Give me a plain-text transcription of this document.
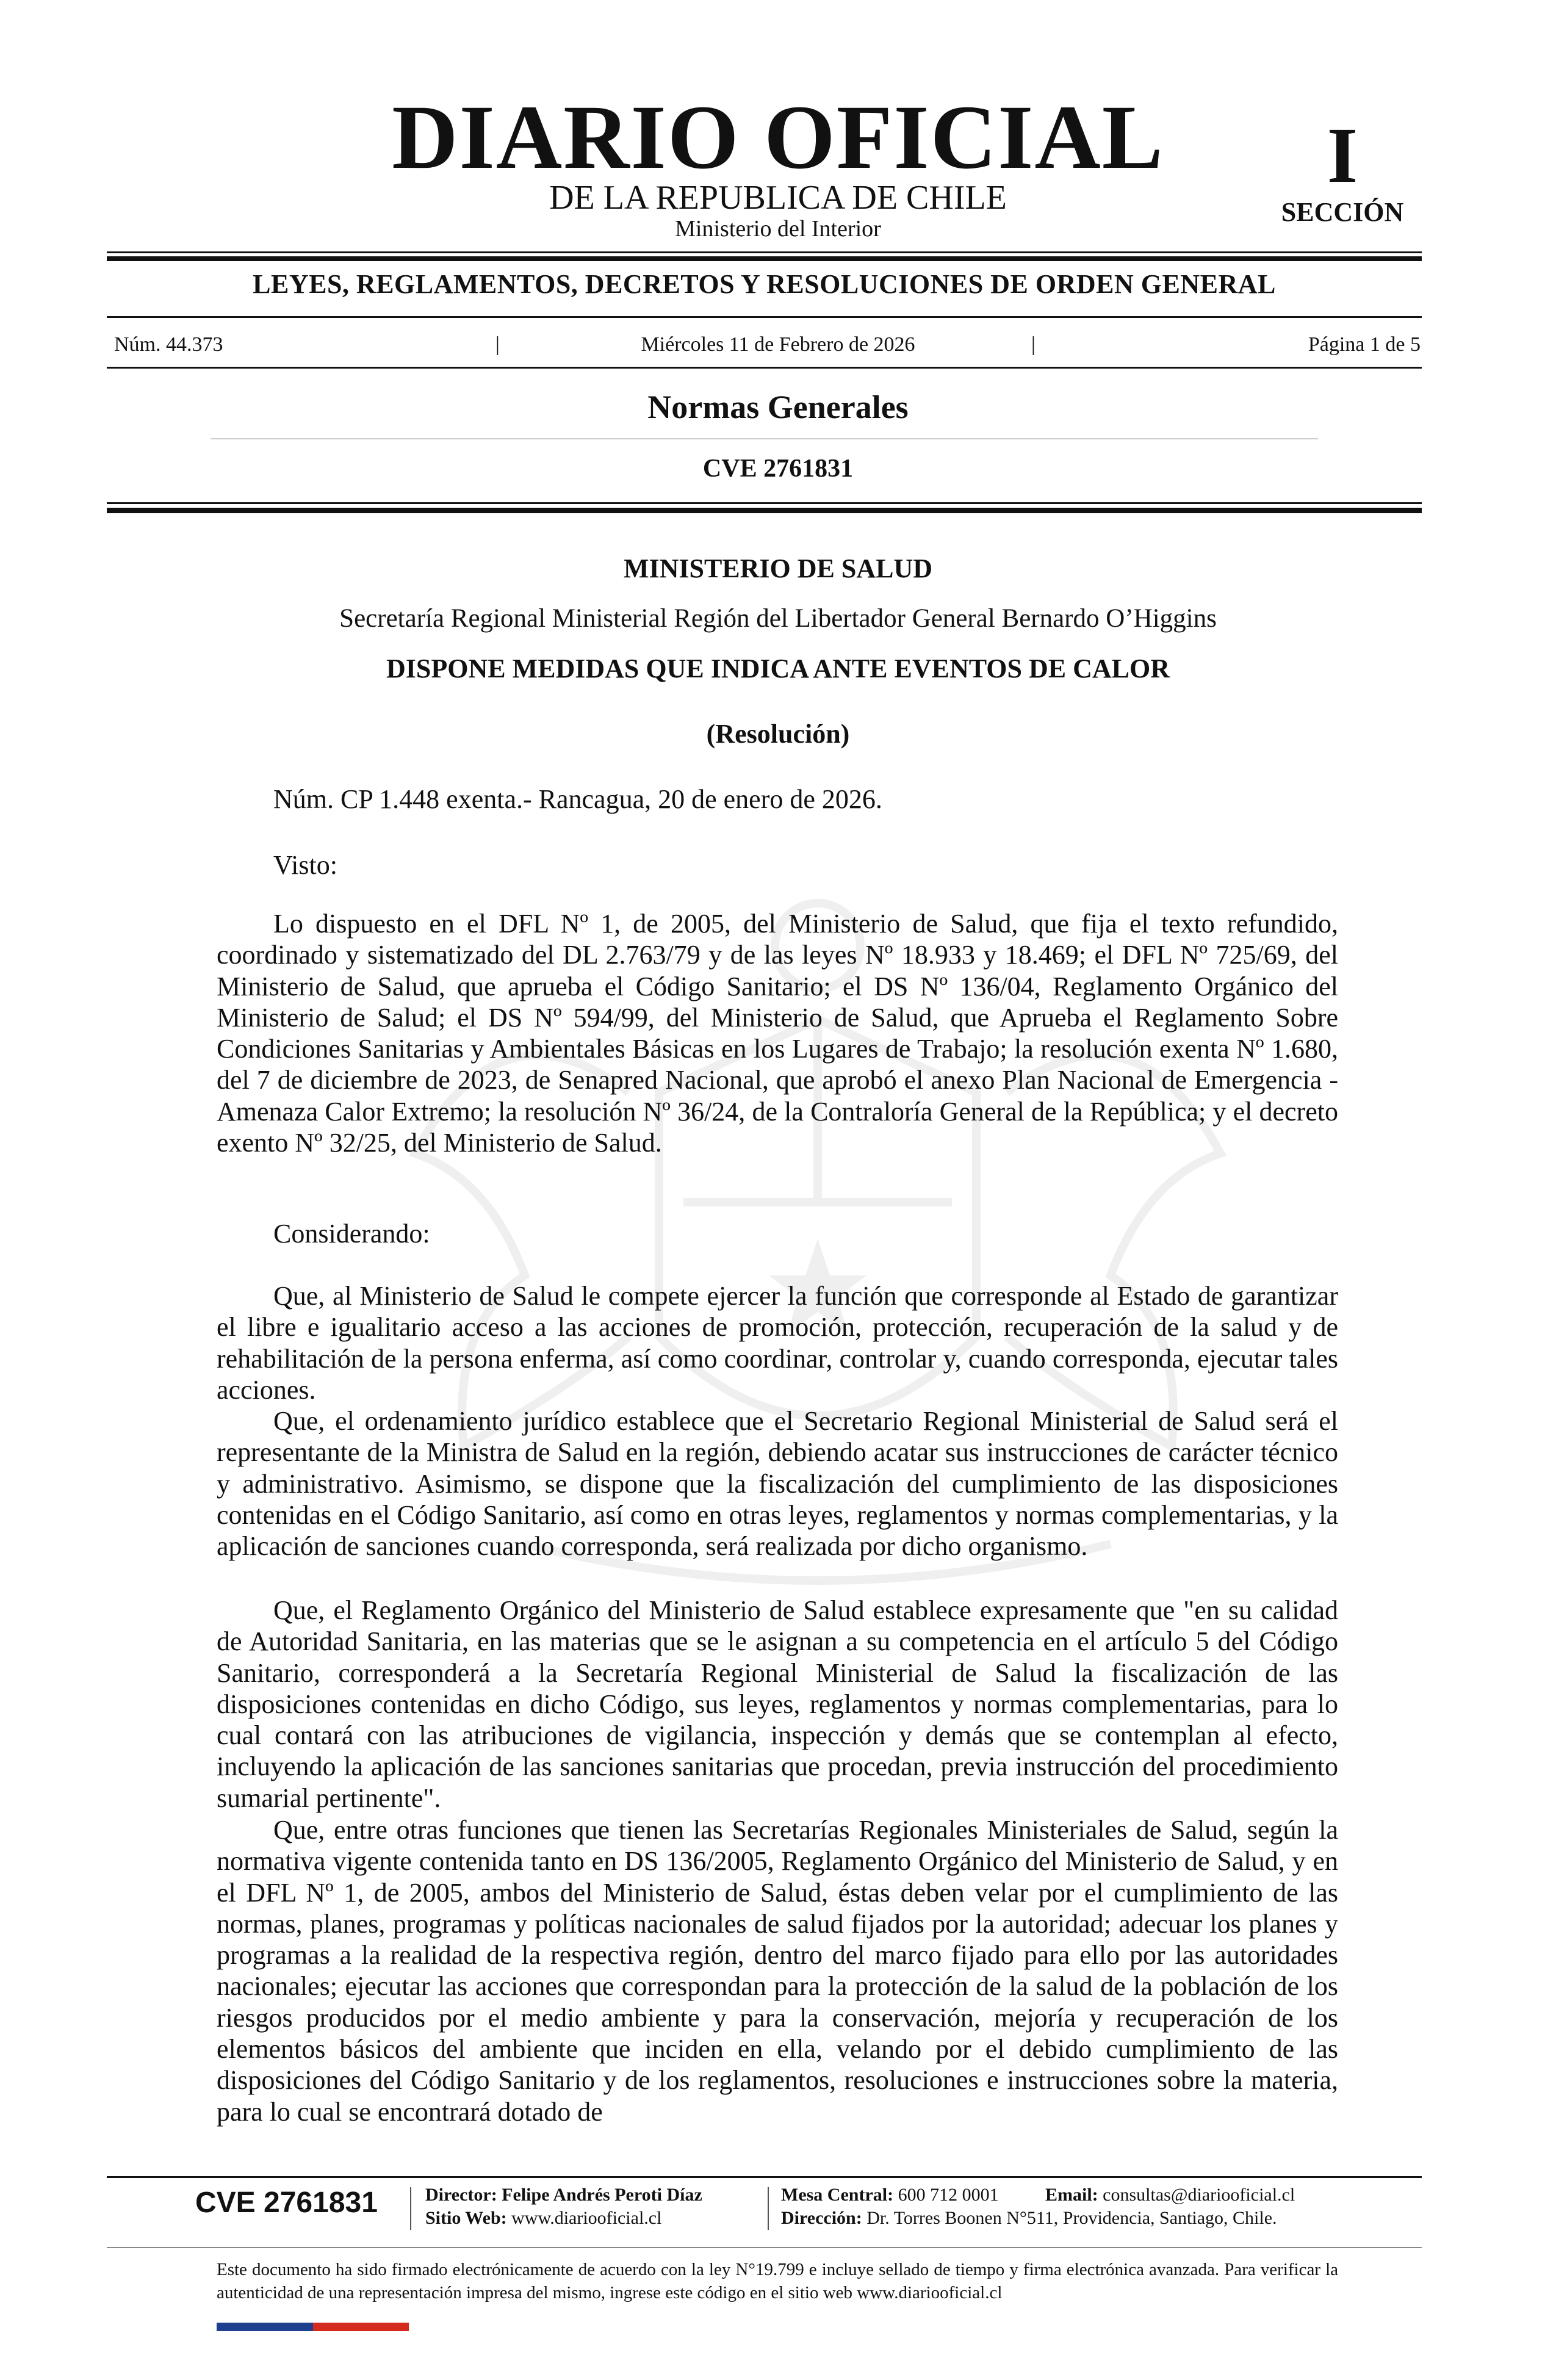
DIARIO OFICIAL
DE LA REPUBLICA DE CHILE
Ministerio del Interior
I
SECCIÓN
LEYES, REGLAMENTOS, DECRETOS Y RESOLUCIONES DE ORDEN GENERAL
Núm. 44.373	|	Miércoles 11 de Febrero de 2026	|	Página 1 de 5
Normas Generales
CVE 2761831
MINISTERIO DE SALUD
Secretaría Regional Ministerial Región del Libertador General Bernardo O’Higgins
DISPONE MEDIDAS QUE INDICA ANTE EVENTOS DE CALOR
(Resolución)
Núm. CP 1.448 exenta.- Rancagua, 20 de enero de 2026.
Visto:

Lo dispuesto en el DFL Nº 1, de 2005, del Ministerio de Salud, que fija el texto refundido, coordinado y sistematizado del DL 2.763/79 y de las leyes Nº 18.933 y 18.469; el DFL Nº 725/69, del Ministerio de Salud, que aprueba el Código Sanitario; el DS Nº 136/04, Reglamento Orgánico del Ministerio de Salud; el DS Nº 594/99, del Ministerio de Salud, que Aprueba el Reglamento Sobre Condiciones Sanitarias y Ambientales Básicas en los Lugares de Trabajo; la resolución exenta Nº 1.680, del 7 de diciembre de 2023, de Senapred Nacional, que aprobó el anexo Plan Nacional de Emergencia - Amenaza Calor Extremo; la resolución Nº 36/24, de la Contraloría General de la República; y el decreto exento Nº 32/25, del Ministerio de Salud.

Considerando:

Que, al Ministerio de Salud le compete ejercer la función que corresponde al Estado de garantizar el libre e igualitario acceso a las acciones de promoción, protección, recuperación de la salud y de rehabilitación de la persona enferma, así como coordinar, controlar y, cuando corresponda, ejecutar tales acciones.

Que, el ordenamiento jurídico establece que el Secretario Regional Ministerial de Salud será el representante de la Ministra de Salud en la región, debiendo acatar sus instrucciones de carácter técnico y administrativo. Asimismo, se dispone que la fiscalización del cumplimiento de las disposiciones contenidas en el Código Sanitario, así como en otras leyes, reglamentos y normas complementarias, y la aplicación de sanciones cuando corresponda, será realizada por dicho organismo.

Que, el Reglamento Orgánico del Ministerio de Salud establece expresamente que "en su calidad de Autoridad Sanitaria, en las materias que se le asignan a su competencia en el artículo 5 del Código Sanitario, corresponderá a la Secretaría Regional Ministerial de Salud la fiscalización de las disposiciones contenidas en dicho Código, sus leyes, reglamentos y normas complementarias, para lo cual contará con las atribuciones de vigilancia, inspección y demás que se contemplan al efecto, incluyendo la aplicación de las sanciones sanitarias que procedan, previa instrucción del procedimiento sumarial pertinente".

Que, entre otras funciones que tienen las Secretarías Regionales Ministeriales de Salud, según la normativa vigente contenida tanto en DS 136/2005, Reglamento Orgánico del Ministerio de Salud, y en el DFL Nº 1, de 2005, ambos del Ministerio de Salud, éstas deben velar por el cumplimiento de las normas, planes, programas y políticas nacionales de salud fijados por la autoridad; adecuar los planes y programas a la realidad de la respectiva región, dentro del marco fijado para ello por las autoridades nacionales; ejecutar las acciones que correspondan para la protección de la salud de la población de los riesgos producidos por el medio ambiente y para la conservación, mejoría y recuperación de los elementos básicos del ambiente que inciden en ella, velando por el debido cumplimiento de las disposiciones del Código Sanitario y de los reglamentos, resoluciones e instrucciones sobre la materia, para lo cual se encontrará dotado de

CVE 2761831	Director: Felipe Andrés Peroti Díaz
Sitio Web: www.diariooficial.cl
Mesa Central: 600 712 0001	Email: consultas@diariooficial.cl
Dirección: Dr. Torres Boonen N°511, Providencia, Santiago, Chile.

Este documento ha sido firmado electrónicamente de acuerdo con la ley N°19.799 e incluye sellado de tiempo y firma electrónica avanzada. Para verificar la autenticidad de una representación impresa del mismo, ingrese este código en el sitio web www.diariooficial.cl
